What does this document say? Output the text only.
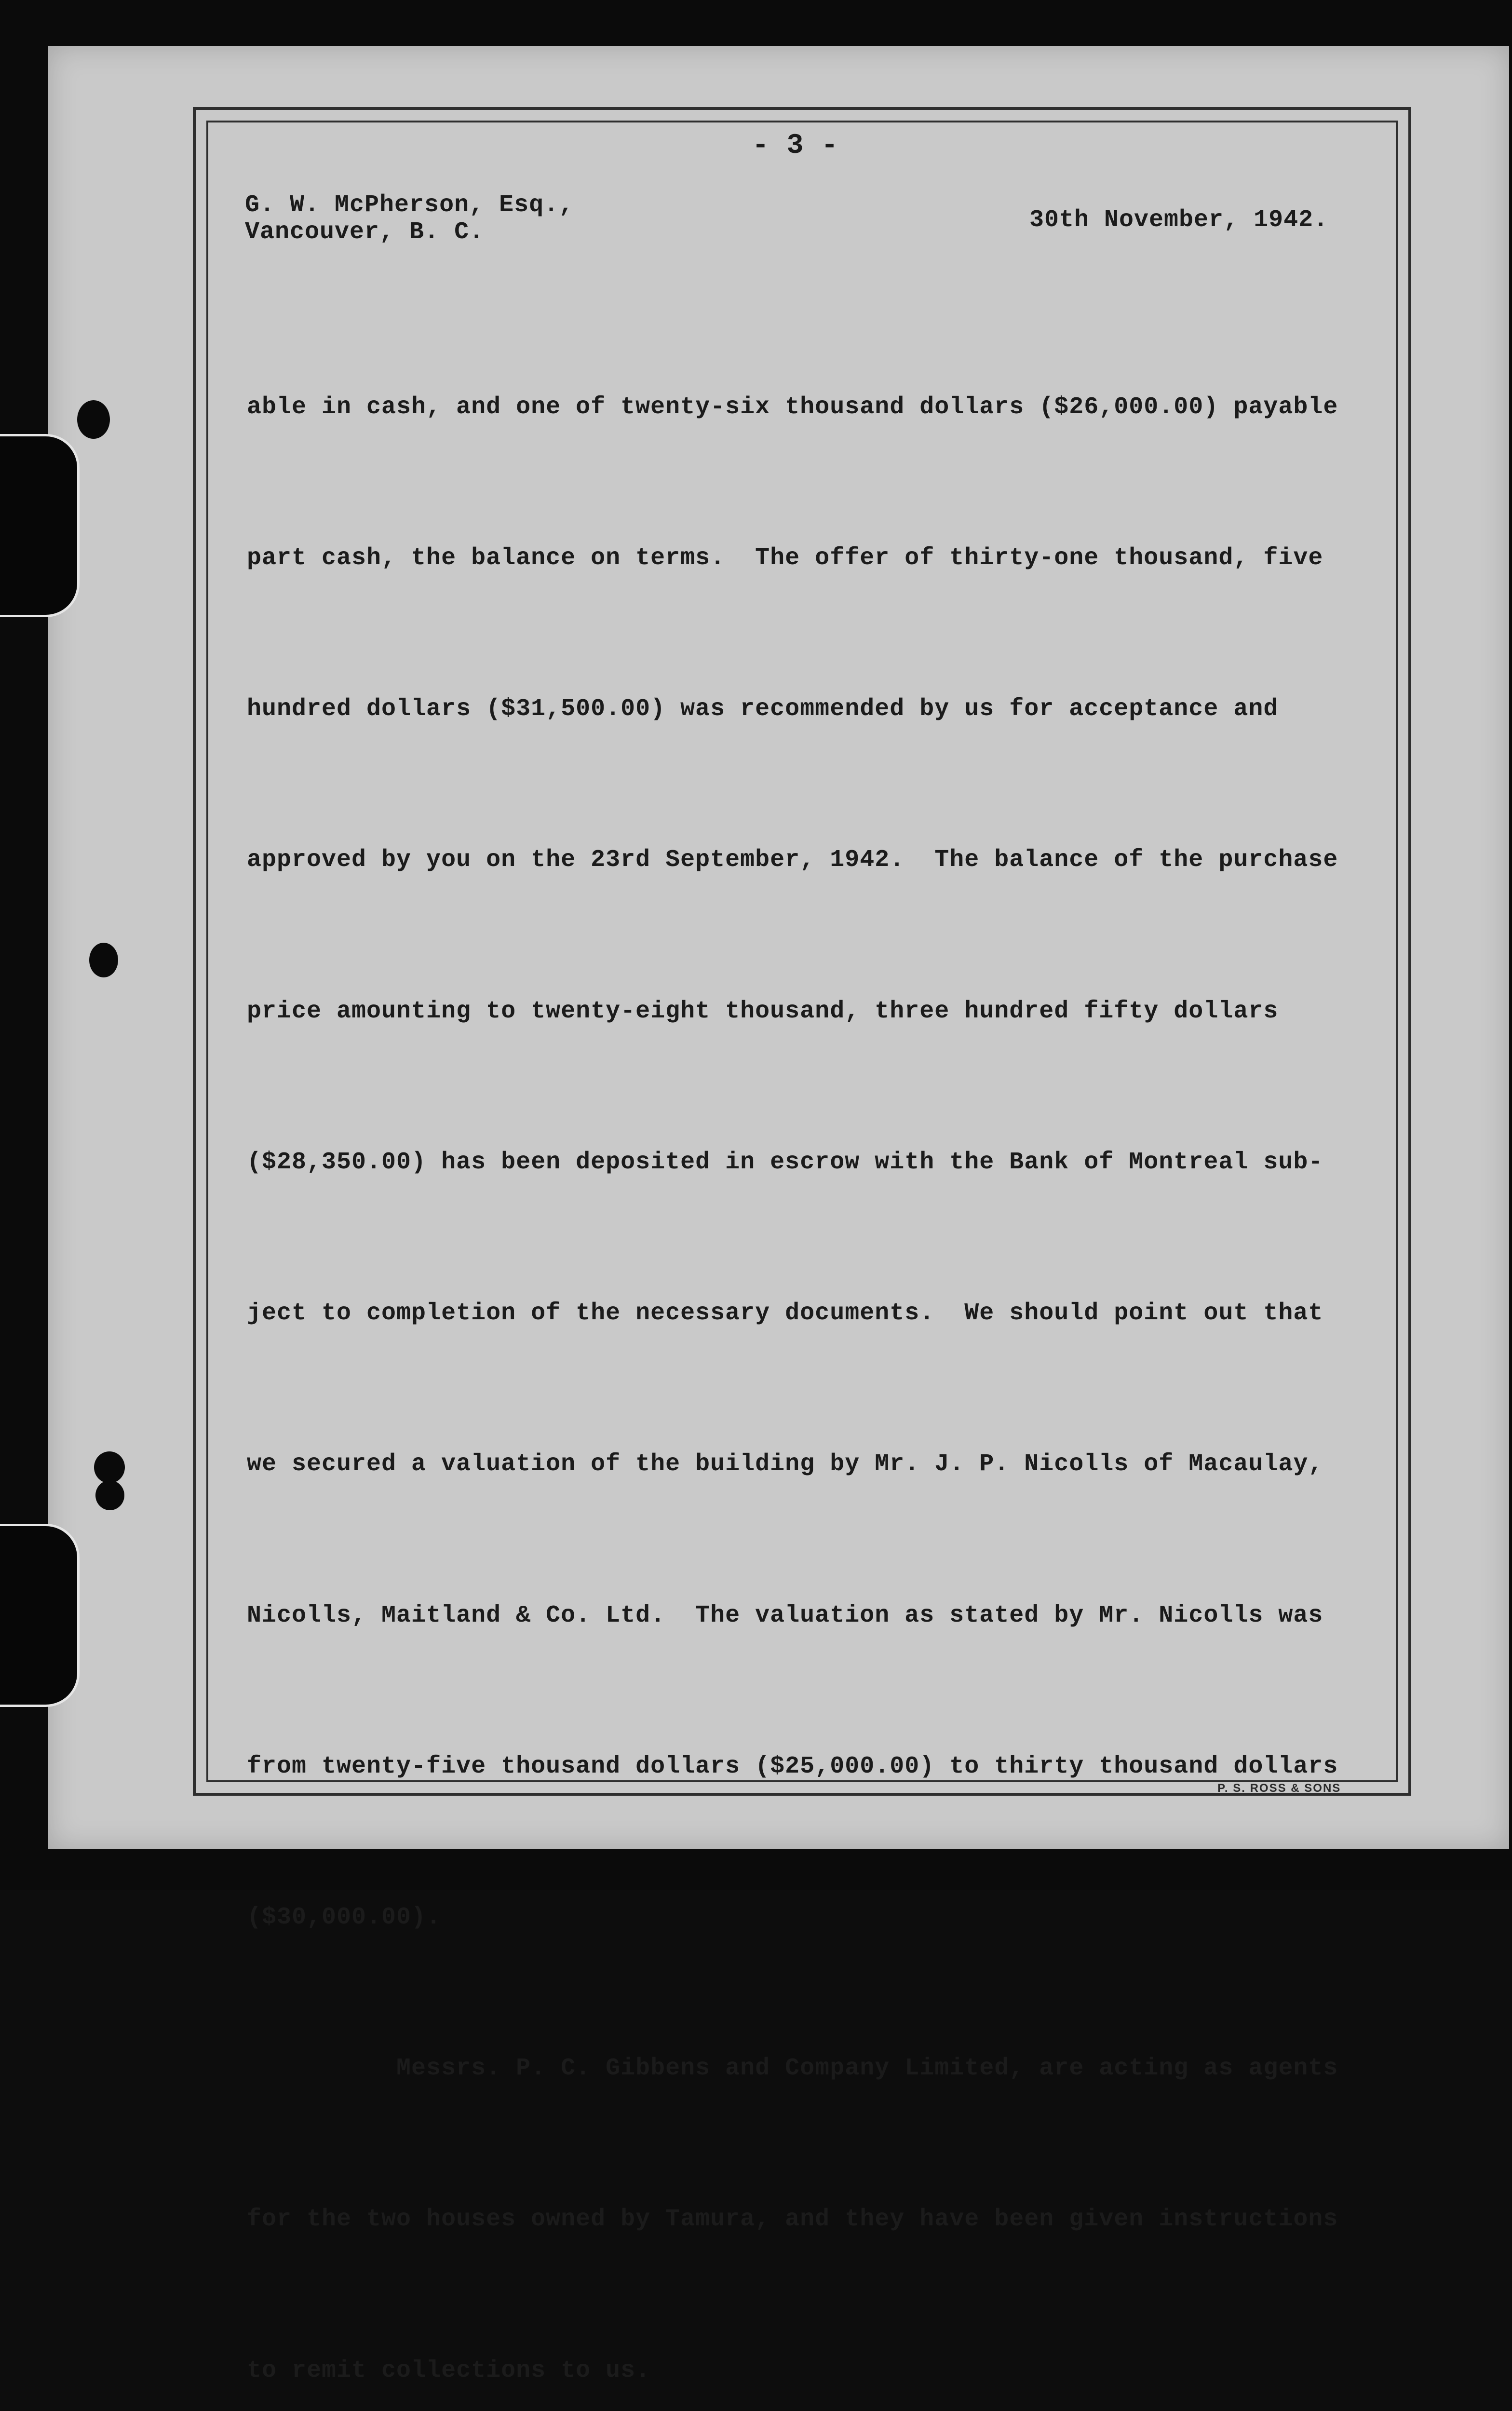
- 3 -
G. W. McPherson, Esq.,
Vancouver, B. C.	30th November, 1942.

able in cash, and one of twenty-six thousand dollars ($26,000.00) payable

part cash, the balance on terms.  The offer of thirty-one thousand, five

hundred dollars ($31,500.00) was recommended by us for acceptance and

approved by you on the 23rd September, 1942.  The balance of the purchase

price amounting to twenty-eight thousand, three hundred fifty dollars

($28,350.00) has been deposited in escrow with the Bank of Montreal sub-

ject to completion of the necessary documents.  We should point out that

we secured a valuation of the building by Mr. J. P. Nicolls of Macaulay,

Nicolls, Maitland & Co. Ltd.  The valuation as stated by Mr. Nicolls was

from twenty-five thousand dollars ($25,000.00) to thirty thousand dollars

($30,000.00).

Messrs. P. C. Gibbens and Company Limited, are acting as agents

for the two houses owned by Tamura, and they have been given instructions

to remit collections to us.

P. S. ROSS & SONS
